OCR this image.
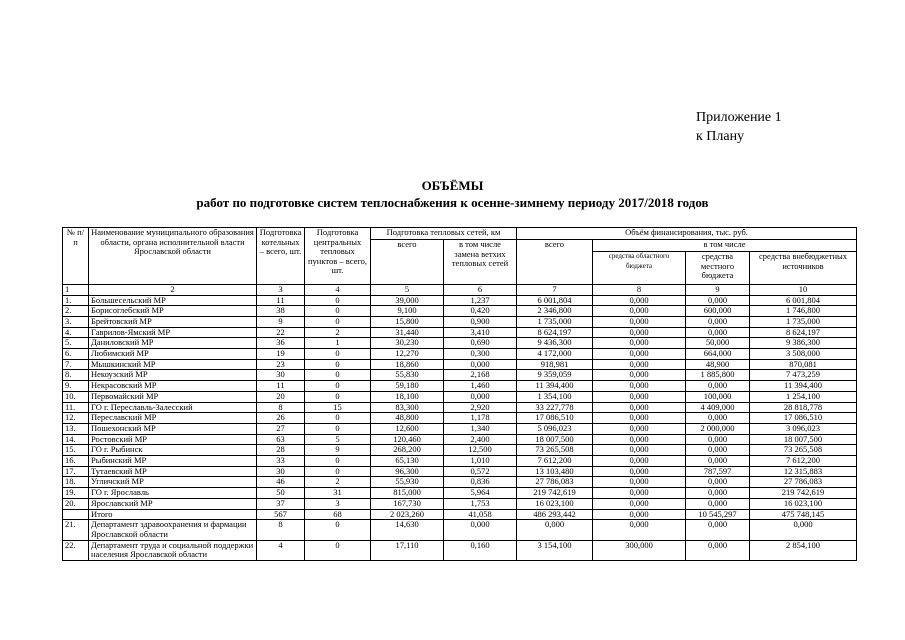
Приложение 1
к Плану
ОБЪЁМЫ
работ по подготовке систем теплоснабжения к осенне-зимнему периоду 2017/2018 годов
№ п/п	Наименование муниципального образования области, органа исполнительной власти Ярославской области	Подготовка котельных – всего, шт.	Подготовка центральных тепловых пунктов – всего, шт.	Подготовка тепловых сетей, км		Объём финансирования, тыс. руб.			
				всего	в том числе замена ветхих тепловых сетей	всего	в том числе		
							средства областного бюджета	средства местного бюджета	средства внебюджетных источников
1	2	3	4	5	6	7	8	9	10
1.	Большесельский МР	11	0	39,000	1,237	6 001,804	0,000	0,000	6 001,804
2.	Борисоглебский МР	38	0	9,100	0,420	2 346,800	0,000	600,000	1 746,800
3.	Брейтовский МР	9	0	15,800	0,900	1 735,000	0,000	0,000	1 735,000
4.	Гаврилов-Ямский МР	22	2	31,440	3,410	8 624,197	0,000	0,000	8 624,197
5.	Даниловский МР	36	1	30,230	0,690	9 436,300	0,000	50,000	9 386,300
6.	Любимский МР	19	0	12,270	0,300	4 172,000	0,000	664,000	3 508,000
7.	Мышкинский МР	23	0	18,860	0,000	918,981	0,000	48,900	870,081
8.	Некоузский МР	30	0	55,830	2,168	9 359,059	0,000	1 885,800	7 473,259
9.	Некрасовский МР	11	0	59,180	1,460	11 394,400	0,000	0,000	11 394,400
10.	Первомайский МР	20	0	18,100	0,000	1 354,100	0,000	100,000	1 254,100
11.	ГО г. Переславль-Залесский	8	15	83,300	2,920	33 227,778	0,000	4 409,000	28 818,778
12.	Переславский МР	26	0	48,800	1,178	17 086,510	0,000	0,000	17 086,510
13.	Пошехонский МР	27	0	12,600	1,340	5 096,023	0,000	2 000,000	3 096,023
14.	Ростовский МР	63	5	120,460	2,400	18 007,500	0,000	0,000	18 007,500
15.	ГО г. Рыбинск	28	9	268,200	12,500	73 265,508	0,000	0,000	73 265,508
16.	Рыбинский МР	33	0	65,130	1,010	7 612,200	0,000	0,000	7 612,200
17.	Тутаевский МР	30	0	96,300	0,572	13 103,480	0,000	787,597	12 315,883
18.	Угличский МР	46	2	55,930	0,836	27 786,083	0,000	0,000	27 786,083
19.	ГО г. Ярославль	50	31	815,000	5,964	219 742,619	0,000	0,000	219 742,619
20.	Ярославский МР	37	3	167,730	1,753	16 023,100	0,000	0,000	16 023,100
	Итого	567	68	2 023,260	41,058	486 293,442	0,000	10 545,297	475 748,145
21.	Департамент здравоохранения и фармации Ярославской области	8	0	14,630	0,000	0,000	0,000	0,000	0,000
22.	Департамент труда и социальной поддержки населения Ярославской области	4	0	17,110	0,160	3 154,100	300,000	0,000	2 854,100
